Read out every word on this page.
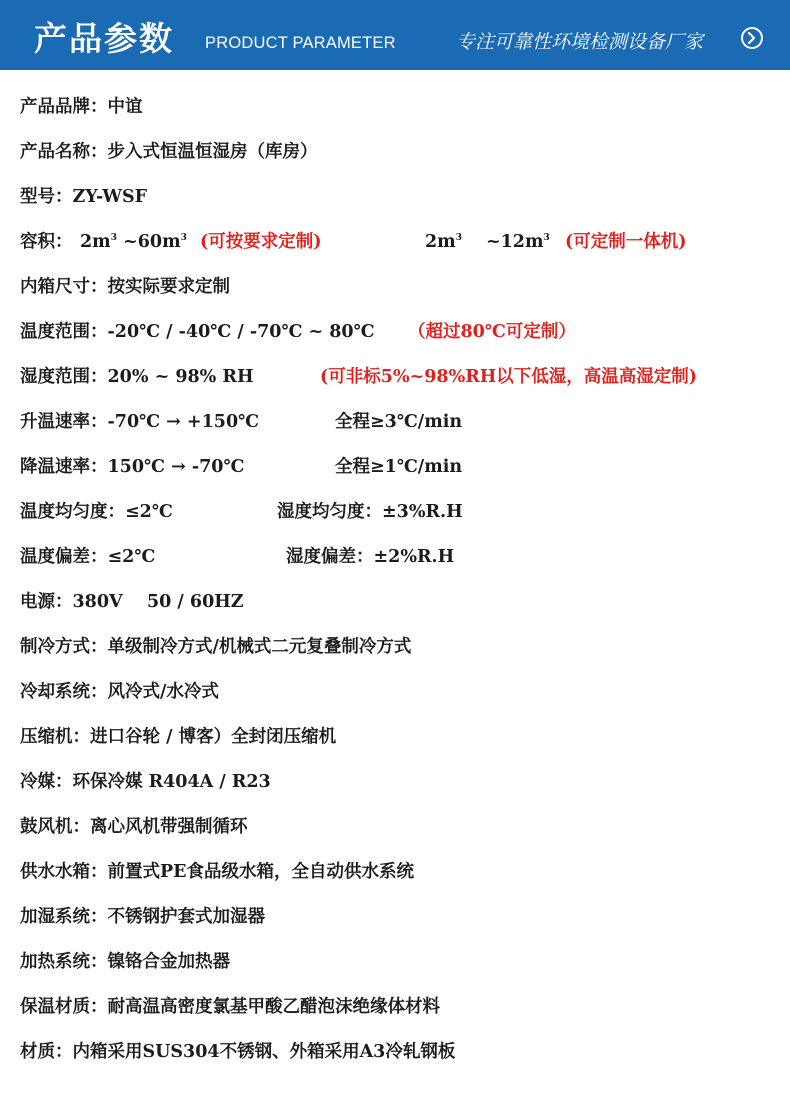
产品参数 PRODUCT PARAMETER	专注可靠性环境检测设备厂家
产品品牌：中谊
产品名称：步入式恒温恒湿房（库房）
型号：ZY-WSF
容积： $2m^3$ $\sim 60m^3$ (可按要求定制)	$2m^3$ $\sim 12m^3$ (可定制一体机)
内箱尺寸：按实际要求定制
温度范围：-20℃ / -40℃ / -70℃ ~ 80℃ （超过80℃可定制）
湿度范围：20% ~ 98% RH	(可非标5%~98%RH以下低湿，高温高湿定制)
升温速率：-70℃ → +150℃	全程≥3℃/min
降温速率：150℃ → -70℃	全程≥1℃/min
温度均匀度：≤2℃	湿度均匀度：±3%R.H
温度偏差：≤2℃	湿度偏差：±2%R.H
电源：380V    50 / 60HZ
制冷方式：单级制冷方式/机械式二元复叠制冷方式
冷却系统：风冷式/水冷式
压缩机：进口谷轮 / 博客）全封闭压缩机
冷媒：环保冷媒 R404A / R23
鼓风机：离心风机带强制循环
供水水箱：前置式PE食品级水箱，全自动供水系统
加湿系统：不锈钢护套式加湿器
加热系统：镍铬合金加热器
保温材质：耐高温高密度氯基甲酸乙醋泡沫绝缘体材料
材质：内箱采用SUS304不锈钢、外箱采用A3冷轧钢板
